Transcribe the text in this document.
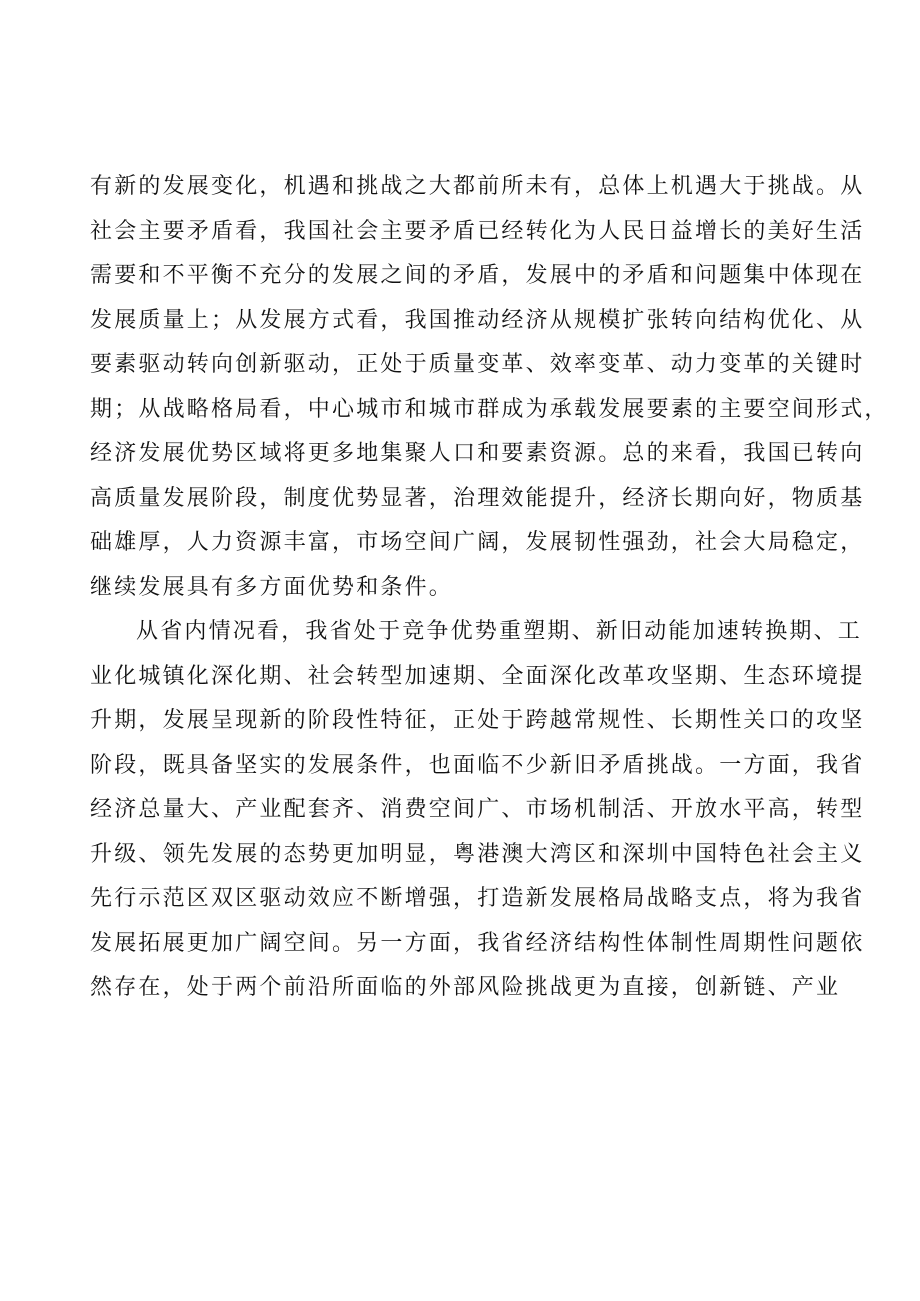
有新的发展变化，机遇和挑战之大都前所未有，总体上机遇大于挑战。从
社会主要矛盾看，我国社会主要矛盾已经转化为人民日益增长的美好生活
需要和不平衡不充分的发展之间的矛盾，发展中的矛盾和问题集中体现在
发展质量上；从发展方式看，我国推动经济从规模扩张转向结构优化、从
要素驱动转向创新驱动，正处于质量变革、效率变革、动力变革的关键时
期；从战略格局看，中心城市和城市群成为承载发展要素的主要空间形式，
经济发展优势区域将更多地集聚人口和要素资源。总的来看，我国已转向
高质量发展阶段，制度优势显著，治理效能提升，经济长期向好，物质基
础雄厚，人力资源丰富，市场空间广阔，发展韧性强劲，社会大局稳定，
继续发展具有多方面优势和条件。
从省内情况看，我省处于竞争优势重塑期、新旧动能加速转换期、工
业化城镇化深化期、社会转型加速期、全面深化改革攻坚期、生态环境提
升期，发展呈现新的阶段性特征，正处于跨越常规性、长期性关口的攻坚
阶段，既具备坚实的发展条件，也面临不少新旧矛盾挑战。一方面，我省
经济总量大、产业配套齐、消费空间广、市场机制活、开放水平高，转型
升级、领先发展的态势更加明显，粤港澳大湾区和深圳中国特色社会主义
先行示范区双区驱动效应不断增强，打造新发展格局战略支点，将为我省
发展拓展更加广阔空间。另一方面，我省经济结构性体制性周期性问题依
然存在，处于两个前沿所面临的外部风险挑战更为直接，创新链、产业
